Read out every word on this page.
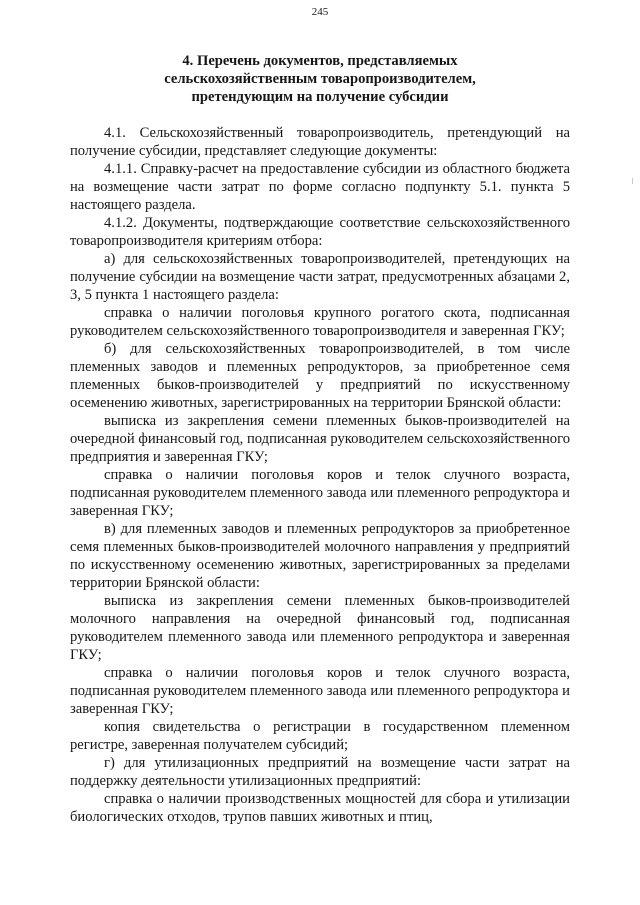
245
4. Перечень документов, представляемых
сельскохозяйственным товаропроизводителем,
претендующим на получение субсидии

4.1. Сельскохозяйственный товаропроизводитель, претендующий на получение субсидии, представляет следующие документы:

4.1.1. Справку-расчет на предоставление субсидии из областного бюджета на возмещение части затрат по форме согласно подпункту 5.1. пункта 5 настоящего раздела.

4.1.2. Документы, подтверждающие соответствие сельскохозяйственного товаропроизводителя критериям отбора:

а) для сельскохозяйственных товаропроизводителей, претендующих на получение субсидии на возмещение части затрат, предусмотренных абзацами 2, 3, 5 пункта 1 настоящего раздела:

справка о наличии поголовья крупного рогатого скота, подписанная руководителем сельскохозяйственного товаропроизводителя и заверенная ГКУ;

б) для сельскохозяйственных товаропроизводителей, в том числе племенных заводов и племенных репродукторов, за приобретенное семя племенных быков-производителей у предприятий по искусственному осеменению животных, зарегистрированных на территории Брянской области:

выписка из закрепления семени племенных быков-производителей на очередной финансовый год, подписанная руководителем сельскохозяйственного предприятия и заверенная ГКУ;

справка о наличии поголовья коров и телок случного возраста, подписанная руководителем племенного завода или племенного репродуктора и заверенная ГКУ;

в) для племенных заводов и племенных репродукторов за приобретенное семя племенных быков-производителей молочного направления у предприятий по искусственному осеменению животных, зарегистрированных за пределами территории Брянской области:

выписка из закрепления семени племенных быков-производителей молочного направления на очередной финансовый год, подписанная руководителем племенного завода или племенного репродуктора и заверенная ГКУ;

справка о наличии поголовья коров и телок случного возраста, подписанная руководителем племенного завода или племенного репродуктора и заверенная ГКУ;

копия свидетельства о регистрации в государственном племенном регистре, заверенная получателем субсидий;

г) для утилизационных предприятий на возмещение части затрат на поддержку деятельности утилизационных предприятий:

справка о наличии производственных мощностей для сбора и утилизации биологических отходов, трупов павших животных и птиц,
